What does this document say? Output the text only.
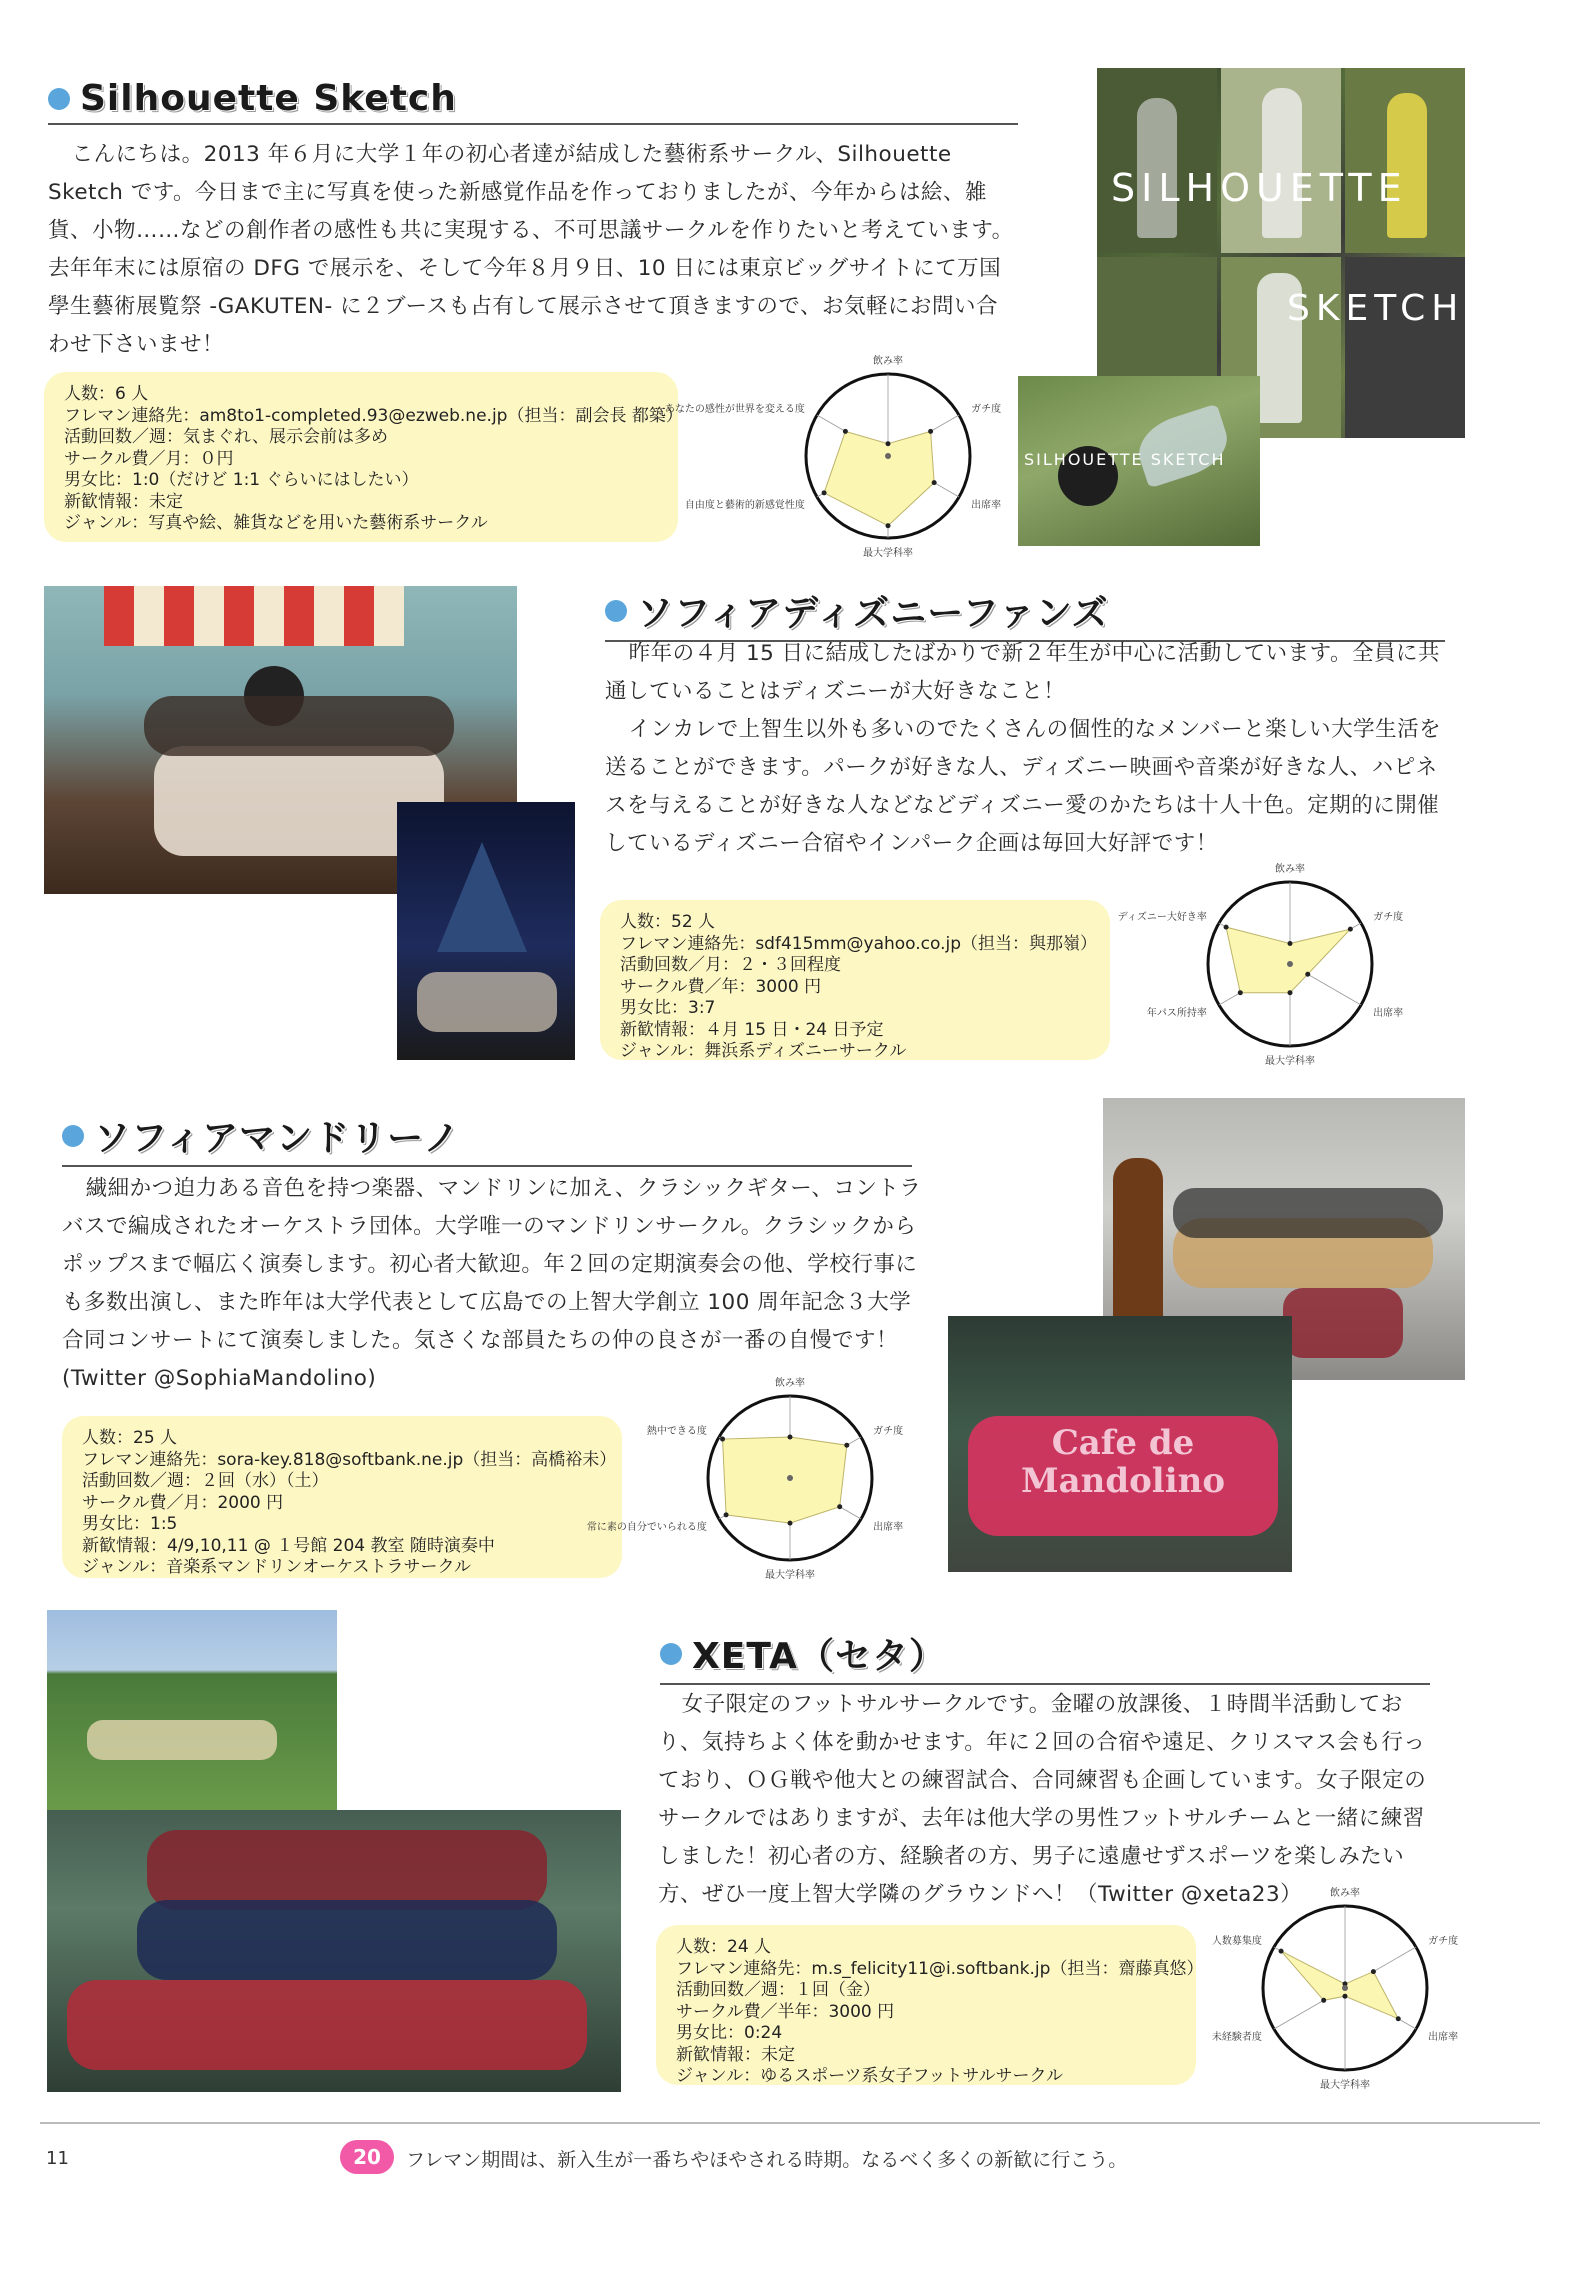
Silhouette Sketch

こんにちは。2013 年６月に大学１年の初心者達が結成した藝術系サークル、Silhouette Sketch です。今日まで主に写真を使った新感覚作品を作っておりましたが、今年からは絵、雑貨、小物……などの創作者の感性も共に実現する、不可思議サークルを作りたいと考えています。去年年末には原宿の DFG で展示を、そして今年８月９日、10 日には東京ビッグサイトにて万国學生藝術展覧祭 -GAKUTEN- に２ブースも占有して展示させて頂きますので、お気軽にお問い合わせ下さいませ！

人数：6 人
フレマン連絡先：am8to1-completed.93@ezweb.ne.jp（担当：副会長 都築）
活動回数／週：気まぐれ、展示会前は多め
サークル費／月：０円
男女比：1:0（だけど 1:1 ぐらいにはしたい）
新歓情報：未定
ジャンル：写真や絵、雑貨などを用いた藝術系サークル
飲み率
ガチ度
出席率
最大学科率
自由度と藝術的新感覚性度
あなたの感性が世界を変える度
SILHOUETTE
SKETCH
SILHOUETTE SKETCH
ソフィアディズニーファンズ

昨年の４月 15 日に結成したばかりで新２年生が中心に活動しています。全員に共通していることはディズニーが大好きなこと！

インカレで上智生以外も多いのでたくさんの個性的なメンバーと楽しい大学生活を送ることができます。パークが好きな人、ディズニー映画や音楽が好きな人、ハピネスを与えることが好きな人などなどディズニー愛のかたちは十人十色。定期的に開催しているディズニー合宿やインパーク企画は毎回大好評です！

人数：52 人
フレマン連絡先：sdf415mm@yahoo.co.jp（担当：與那嶺）
活動回数／月：２・３回程度
サークル費／年：3000 円
男女比：3:7
新歓情報：４月 15 日・24 日予定
ジャンル：舞浜系ディズニーサークル
飲み率
ガチ度
出席率
最大学科率
年パス所持率
ディズニー大好き率
ソフィアマンドリーノ

繊細かつ迫力ある音色を持つ楽器、マンドリンに加え、クラシックギター、コントラバスで編成されたオーケストラ団体。大学唯一のマンドリンサークル。クラシックからポップスまで幅広く演奏します。初心者大歓迎。年２回の定期演奏会の他、学校行事にも多数出演し、また昨年は大学代表として広島での上智大学創立 100 周年記念３大学合同コンサートにて演奏しました。気さくな部員たちの仲の良さが一番の自慢です！

(Twitter @SophiaMandolino)

人数：25 人
フレマン連絡先：sora-key.818@softbank.ne.jp（担当：高橋裕未）
活動回数／週：２回（水）（土）
サークル費／月：2000 円
男女比：1:5
新歓情報：4/9,10,11 @ １号館 204 教室 随時演奏中
ジャンル：音楽系マンドリンオーケストラサークル
飲み率
ガチ度
出席率
最大学科率
常に素の自分でいられる度
熱中できる度	Cafe de Mandolino
XETA（セタ）

女子限定のフットサルサークルです。金曜の放課後、１時間半活動しており、気持ちよく体を動かせます。年に２回の合宿や遠足、クリスマス会も行っており、ＯＧ戦や他大との練習試合、合同練習も企画しています。女子限定のサークルではありますが、去年は他大学の男性フットサルチームと一緒に練習しました！初心者の方、経験者の方、男子に遠慮せずスポーツを楽しみたい方、ぜひ一度上智大学隣のグラウンドへ！（Twitter @xeta23）

人数：24 人
フレマン連絡先：m.s_felicity11@i.softbank.jp（担当：齋藤真悠）
活動回数／週：１回（金）
サークル費／半年：3000 円
男女比：0:24
新歓情報：未定
ジャンル：ゆるスポーツ系女子フットサルサークル
飲み率
ガチ度
出席率
最大学科率
未経験者度
人数募集度
11	20	フレマン期間は、新入生が一番ちやほやされる時期。なるべく多くの新歓に行こう。
